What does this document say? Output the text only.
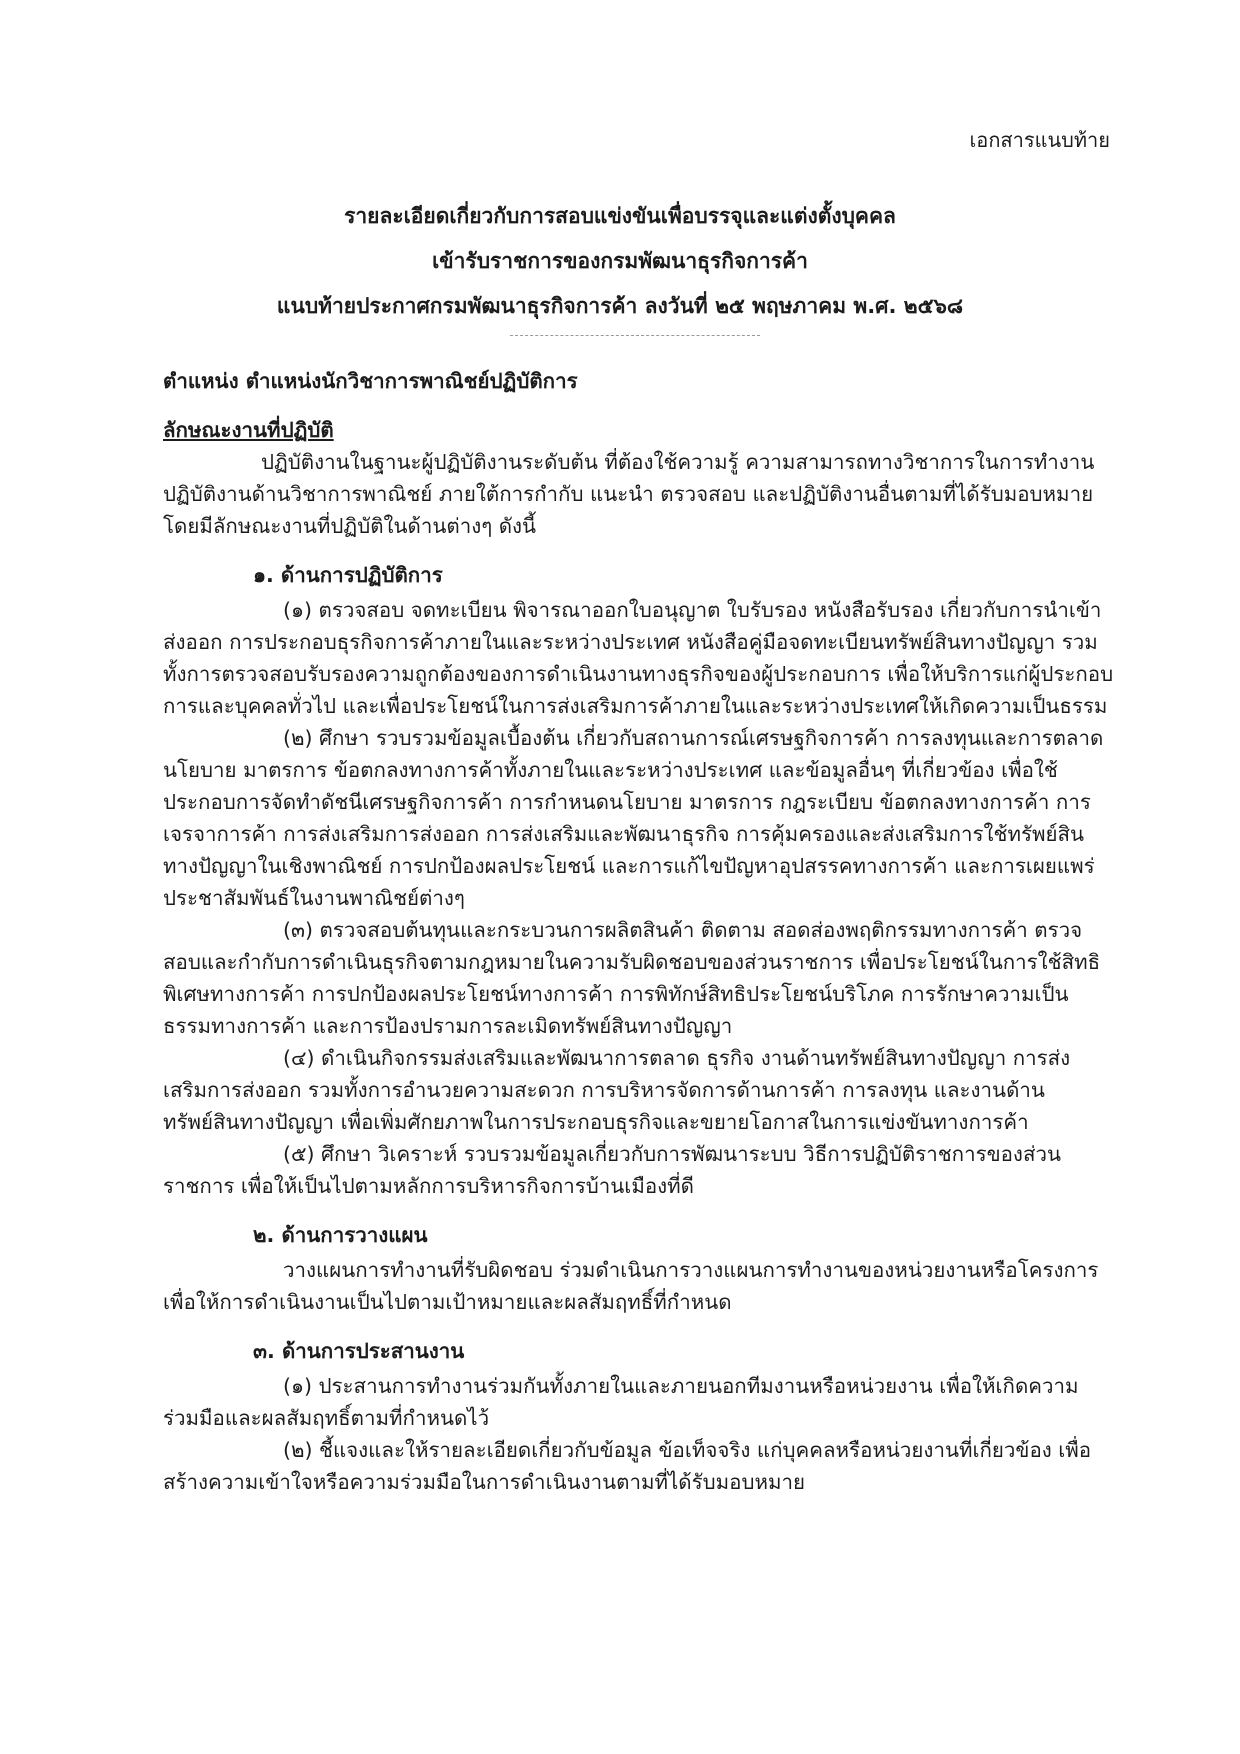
เอกสารแนบท้าย

รายละเอียดเกี่ยวกับการสอบแข่งขันเพื่อบรรจุและแต่งตั้งบุคคล
เข้ารับราชการของกรมพัฒนาธุรกิจการค้า
แนบท้ายประกาศกรมพัฒนาธุรกิจการค้า ลงวันที่ ๒๕ พฤษภาคม พ.ศ. ๒๕๖๘

ตำแหน่ง ตำแหน่งนักวิชาการพาณิชย์ปฏิบัติการ

ลักษณะงานที่ปฏิบัติ

ปฏิบัติงานในฐานะผู้ปฏิบัติงานระดับต้น ที่ต้องใช้ความรู้ ความสามารถทางวิชาการในการทำงาน ปฏิบัติงานด้านวิชาการพาณิชย์ ภายใต้การกำกับ แนะนำ ตรวจสอบ และปฏิบัติงานอื่นตามที่ได้รับมอบหมาย โดยมีลักษณะงานที่ปฏิบัติในด้านต่างๆ ดังนี้

๑. ด้านการปฏิบัติการ

(๑) ตรวจสอบ จดทะเบียน พิจารณาออกใบอนุญาต ใบรับรอง หนังสือรับรอง เกี่ยวกับการนำเข้า ส่งออก การประกอบธุรกิจการค้าภายในและระหว่างประเทศ หนังสือคู่มือจดทะเบียนทรัพย์สินทางปัญญา รวมทั้งการตรวจสอบรับรองความถูกต้องของการดำเนินงานทางธุรกิจของผู้ประกอบการ เพื่อให้บริการแก่ผู้ประกอบการและบุคคลทั่วไป และเพื่อประโยชน์ในการส่งเสริมการค้าภายในและระหว่างประเทศให้เกิดความเป็นธรรม

(๒) ศึกษา รวบรวมข้อมูลเบื้องต้น เกี่ยวกับสถานการณ์เศรษฐกิจการค้า การลงทุนและการตลาด นโยบาย มาตรการ ข้อตกลงทางการค้าทั้งภายในและระหว่างประเทศ และข้อมูลอื่นๆ ที่เกี่ยวข้อง เพื่อใช้ประกอบการจัดทำดัชนีเศรษฐกิจการค้า การกำหนดนโยบาย มาตรการ กฎระเบียบ ข้อตกลงทางการค้า การเจรจาการค้า การส่งเสริมการส่งออก การส่งเสริมและพัฒนาธุรกิจ การคุ้มครองและส่งเสริมการใช้ทรัพย์สินทางปัญญาในเชิงพาณิชย์ การปกป้องผลประโยชน์ และการแก้ไขปัญหาอุปสรรคทางการค้า และการเผยแพร่ประชาสัมพันธ์ในงานพาณิชย์ต่างๆ

(๓) ตรวจสอบต้นทุนและกระบวนการผลิตสินค้า ติดตาม สอดส่องพฤติกรรมทางการค้า ตรวจสอบและกำกับการดำเนินธุรกิจตามกฎหมายในความรับผิดชอบของส่วนราชการ เพื่อประโยชน์ในการใช้สิทธิพิเศษทางการค้า การปกป้องผลประโยชน์ทางการค้า การพิทักษ์สิทธิประโยชน์บริโภค การรักษาความเป็นธรรมทางการค้า และการป้องปรามการละเมิดทรัพย์สินทางปัญญา

(๔) ดำเนินกิจกรรมส่งเสริมและพัฒนาการตลาด ธุรกิจ งานด้านทรัพย์สินทางปัญญา การส่งเสริมการส่งออก รวมทั้งการอำนวยความสะดวก การบริหารจัดการด้านการค้า การลงทุน และงานด้านทรัพย์สินทางปัญญา เพื่อเพิ่มศักยภาพในการประกอบธุรกิจและขยายโอกาสในการแข่งขันทางการค้า

(๕) ศึกษา วิเคราะห์ รวบรวมข้อมูลเกี่ยวกับการพัฒนาระบบ วิธีการปฏิบัติราชการของส่วนราชการ เพื่อให้เป็นไปตามหลักการบริหารกิจการบ้านเมืองที่ดี

๒. ด้านการวางแผน

วางแผนการทำงานที่รับผิดชอบ ร่วมดำเนินการวางแผนการทำงานของหน่วยงานหรือโครงการ เพื่อให้การดำเนินงานเป็นไปตามเป้าหมายและผลสัมฤทธิ์ที่กำหนด

๓. ด้านการประสานงาน

(๑) ประสานการทำงานร่วมกันทั้งภายในและภายนอกทีมงานหรือหน่วยงาน เพื่อให้เกิดความร่วมมือและผลสัมฤทธิ์ตามที่กำหนดไว้

(๒) ชี้แจงและให้รายละเอียดเกี่ยวกับข้อมูล ข้อเท็จจริง แก่บุคคลหรือหน่วยงานที่เกี่ยวข้อง เพื่อสร้างความเข้าใจหรือความร่วมมือในการดำเนินงานตามที่ได้รับมอบหมาย
